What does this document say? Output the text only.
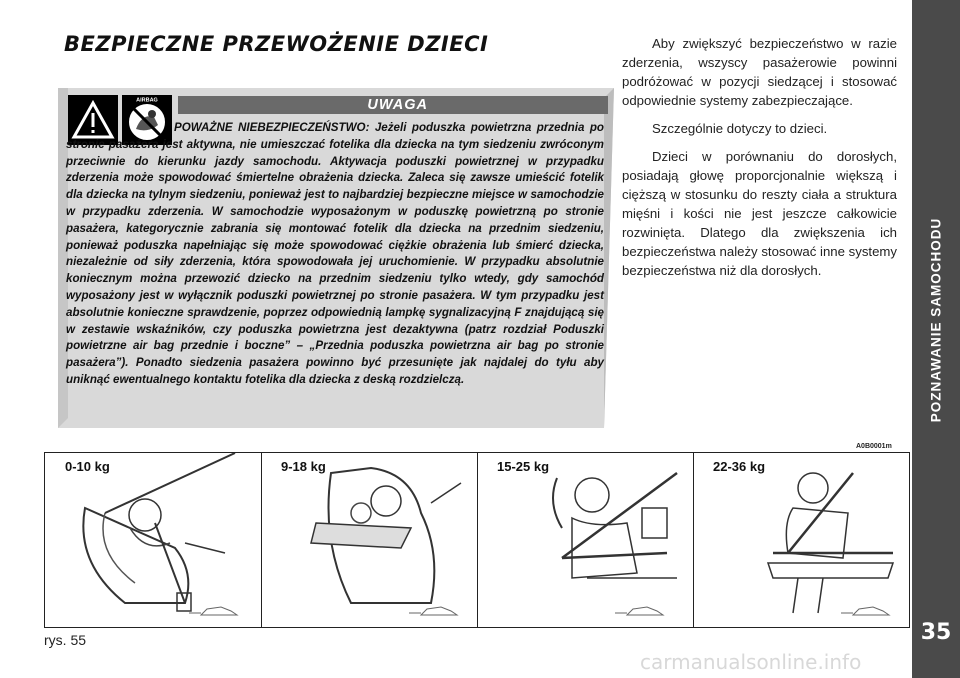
POZNAWANIE SAMOCHODU
35
BEZPIECZNE PRZEWOŻENIE DZIECI
AIRBAG	UWAGA
POWAŻNE NIEBEZPIECZEŃSTWO: Jeżeli poduszka powietrzna przednia po stronie pasażera jest aktywna, nie umieszczać fotelika dla dziecka na tym siedzeniu zwróconym przeciwnie do kierunku jazdy samochodu. Aktywacja poduszki powietrznej w przypadku zderzenia może spowodować śmiertelne obrażenia dziecka. Zaleca się zawsze umieścić fotelik dla dziecka na tylnym siedzeniu, ponieważ jest to najbardziej bezpieczne miejsce w samochodzie w przypadku zderzenia. W samochodzie wyposażonym w poduszkę powietrzną po stronie pasażera, kategorycznie zabrania się montować fotelik dla dziecka na przednim siedzeniu, ponieważ poduszka napełniając się może spowodować ciężkie obrażenia lub śmierć dziecka, niezależnie od siły zderzenia, która spowodowała jej uruchomienie. W przypadku absolutnie koniecznym można przewozić dziecko na przednim siedzeniu tylko wtedy, gdy samochód wyposażony jest w wyłącznik poduszki powietrznej po stronie pasażera. W tym przypadku jest absolutnie konieczne sprawdzenie, poprzez odpowiednią lampkę sygnalizacyjną F znajdującą się w zestawie wskaźników, czy poduszka powietrzna jest dezaktywna (patrz rozdział Poduszki powietrzne air bag przednie i boczne” – „Przednia poduszka powietrzna air bag po stronie pasażera”). Ponadto siedzenia pasażera powinno być przesunięte jak najdalej do tyłu aby uniknąć ewentualnego kontaktu fotelika dla dziecka z deską rozdzielczą.

Aby zwiększyć bezpieczeństwo w razie zderzenia, wszyscy pasażerowie powinni podróżować w pozycji siedzącej i stosować odpowiednie systemy zabezpieczające.

Szczególnie dotyczy to dzieci.

Dzieci w porównaniu do dorosłych, posiadają głowę proporcjonalnie większą i cięższą w stosunku do reszty ciała a struktura mięśni i kości nie jest jeszcze całkowicie rozwinięta. Dlatego dla zwiększenia ich bezpieczeństwa należy stosować inne systemy bezpieczeństwa niż dla dorosłych.

A0B0001m
0-10 kg	9-18 kg	15-25 kg	22-36 kg
rys. 55
carmanualsonline.info
